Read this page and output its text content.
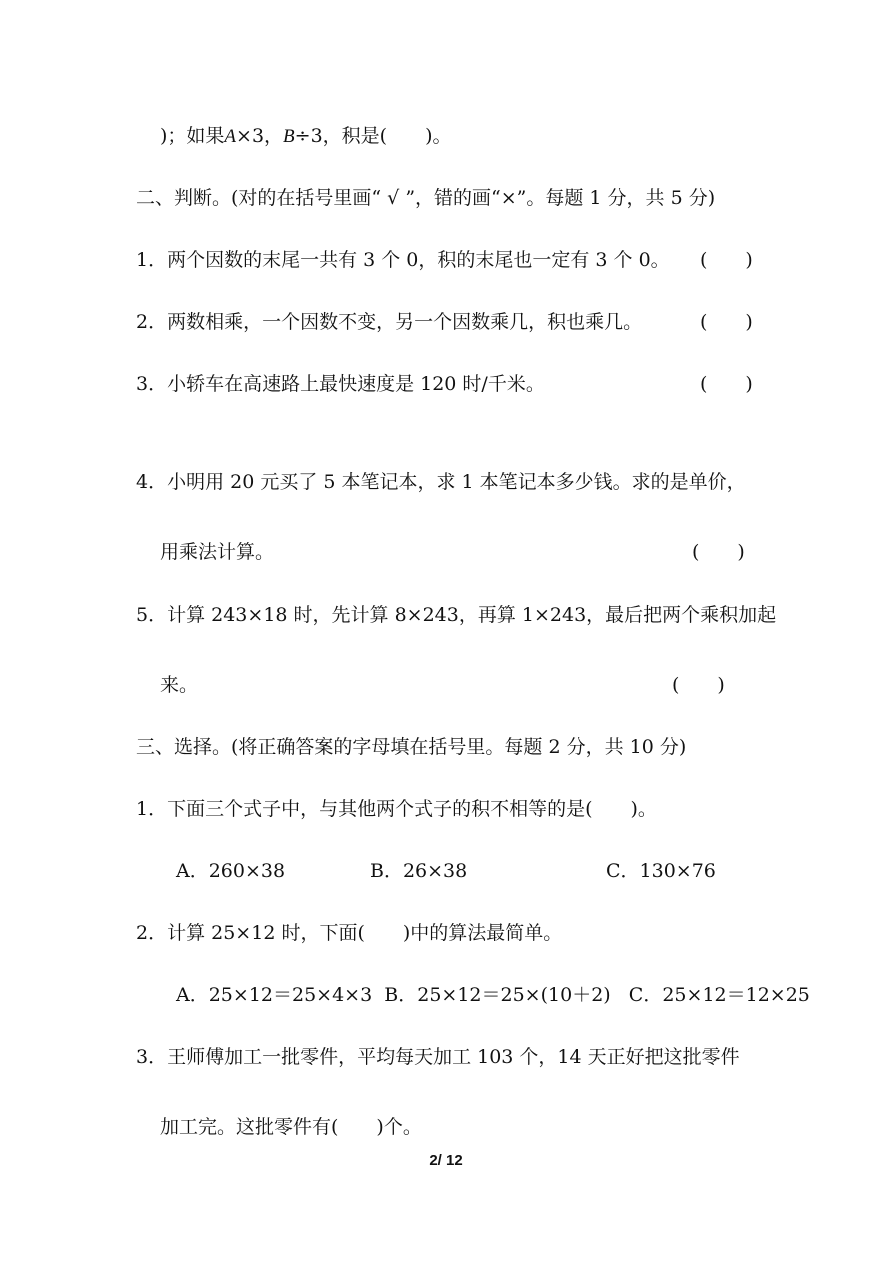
)；如果A×3，B÷3，积是(　　)。
二、判断。(对的在括号里画“ √ ”，错的画“×”。每题 1 分，共 5 分)
1．两个因数的末尾一共有 3 个 0，积的末尾也一定有 3 个 0。 (　　)
2．两数相乘，一个因数不变，另一个因数乘几，积也乘几。	(　　)
3．小轿车在高速路上最快速度是 120 时/千米。	(　　)
4．小明用 20 元买了 5 本笔记本，求 1 本笔记本多少钱。求的是单价，
用乘法计算。	(　　)
5．计算 243×18 时，先计算 8×243，再算 1×243，最后把两个乘积加起
来。	(　　)
三、选择。(将正确答案的字母填在括号里。每题 2 分，共 10 分)
1．下面三个式子中，与其他两个式子的积不相等的是(　　)。
A．260×38	B．26×38	C．130×76
2．计算 25×12 时，下面(　　)中的算法最简单。
A．25×12＝25×4×3  B．25×12＝25×(10＋2)   C．25×12＝12×25
3．王师傅加工一批零件，平均每天加工 103 个，14 天正好把这批零件
加工完。这批零件有(　　)个。
2/ 12
